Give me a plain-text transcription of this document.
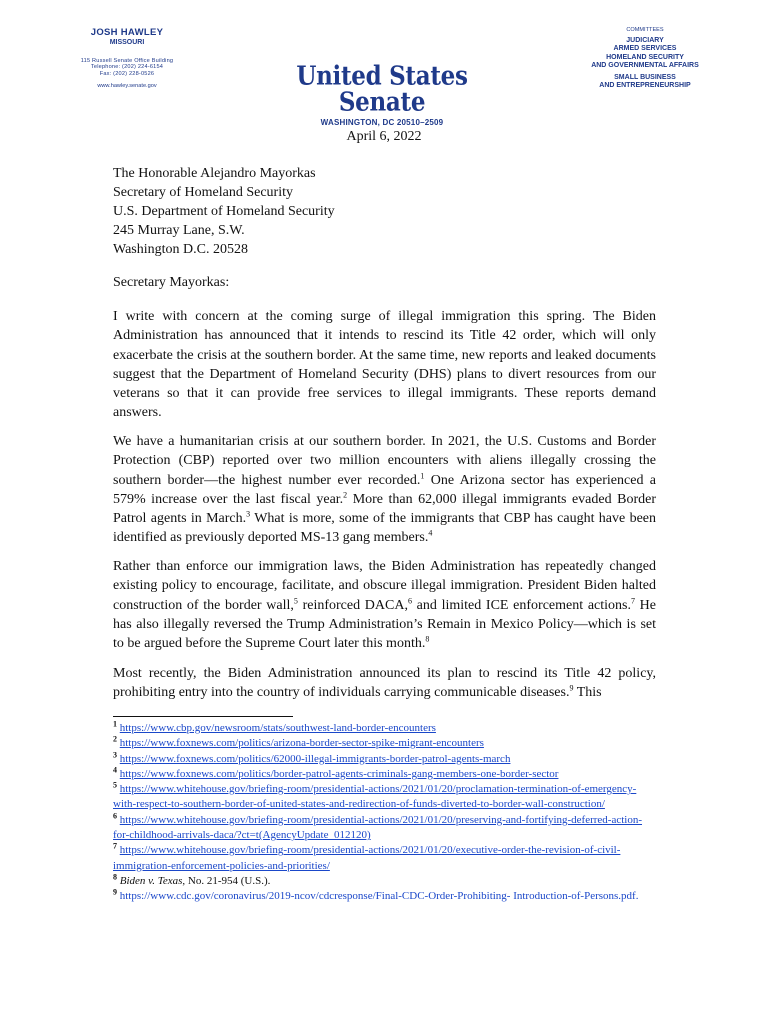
JOSH HAWLEY
MISSOURI
115 Russell Senate Office Building
Telephone: (202) 224-6154
Fax: (202) 228-0526
www.hawley.senate.gov	United States Senate
WASHINGTON, DC 20510–2509
COMMITTEES
JUDICIARY
ARMED SERVICES
HOMELAND SECURITY
AND GOVERNMENTAL AFFAIRS
SMALL BUSINESS
AND ENTREPRENEURSHIP
April 6, 2022
The Honorable Alejandro Mayorkas
Secretary of Homeland Security
U.S. Department of Homeland Security
245 Murray Lane, S.W.
Washington D.C. 20528
Secretary Mayorkas:
I write with concern at the coming surge of illegal immigration this spring. The Biden Administration has announced that it intends to rescind its Title 42 order, which will only exacerbate the crisis at the southern border. At the same time, new reports and leaked documents suggest that the Department of Homeland Security (DHS) plans to divert resources from our veterans so that it can provide free services to illegal immigrants. These reports demand answers.
We have a humanitarian crisis at our southern border. In 2021, the U.S. Customs and Border Protection (CBP) reported over two million encounters with aliens illegally crossing the southern border—the highest number ever recorded.$^1$ One Arizona sector has experienced a 579% increase over the last fiscal year.$^2$ More than 62,000 illegal immigrants evaded Border Patrol agents in March.$^3$ What is more, some of the immigrants that CBP has caught have been identified as previously deported MS-13 gang members.$^4$
Rather than enforce our immigration laws, the Biden Administration has repeatedly changed existing policy to encourage, facilitate, and obscure illegal immigration. President Biden halted construction of the border wall,$^5$ reinforced DACA,$^6$ and limited ICE enforcement actions.$^7$ He has also illegally reversed the Trump Administration’s Remain in Mexico Policy—which is set to be argued before the Supreme Court later this month.$^8$
Most recently, the Biden Administration announced its plan to rescind its Title 42 policy, prohibiting entry into the country of individuals carrying communicable diseases.$^9$ This

$^1$ https://www.cbp.gov/newsroom/stats/southwest-land-border-encounters

$^2$ https://www.foxnews.com/politics/arizona-border-sector-spike-migrant-encounters

$^3$ https://www.foxnews.com/politics/62000-illegal-immigrants-border-patrol-agents-march

$^4$ https://www.foxnews.com/politics/border-patrol-agents-criminals-gang-members-one-border-sector

$^5$ https://www.whitehouse.gov/briefing-room/presidential-actions/2021/01/20/proclamation-termination-of-emergency-with-respect-to-southern-border-of-united-states-and-redirection-of-funds-diverted-to-border-wall-construction/

$^6$ https://www.whitehouse.gov/briefing-room/presidential-actions/2021/01/20/preserving-and-fortifying-deferred-action-for-childhood-arrivals-daca/?ct=t(AgencyUpdate_012120)

$^7$ https://www.whitehouse.gov/briefing-room/presidential-actions/2021/01/20/executive-order-the-revision-of-civil-immigration-enforcement-policies-and-priorities/

$^8$ Biden v. Texas, No. 21-954 (U.S.).

$^9$ https://www.cdc.gov/coronavirus/2019-ncov/cdcresponse/Final-CDC-Order-Prohibiting- Introduction-of-Persons.pdf.
